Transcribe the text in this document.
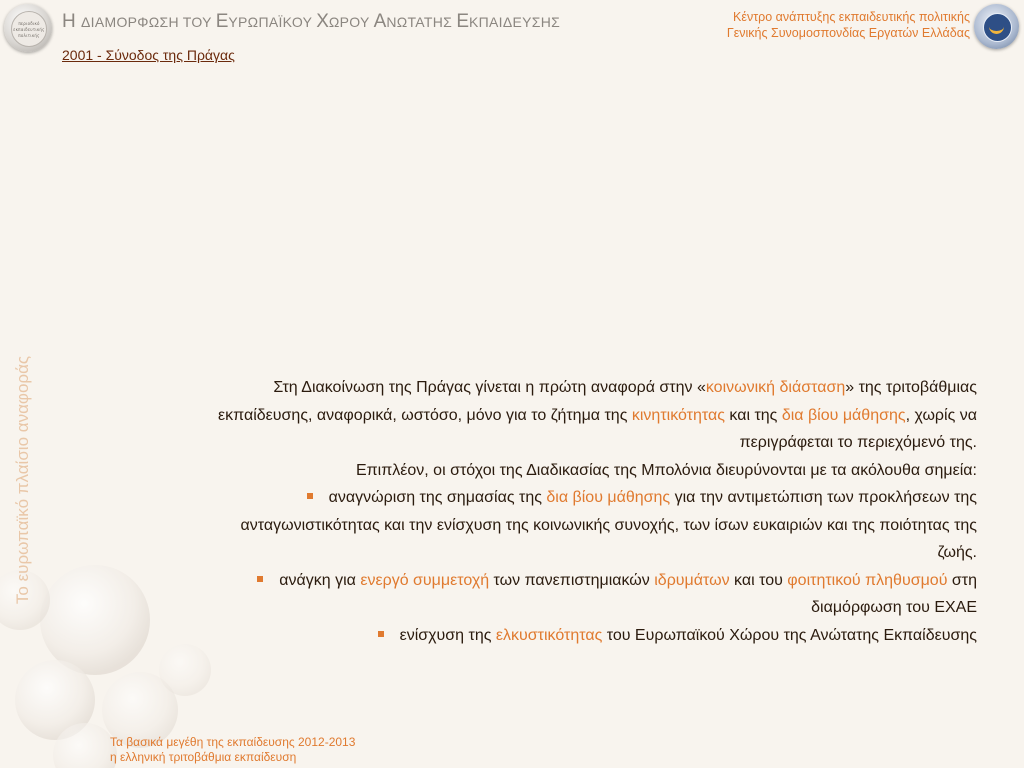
περιοδικό
εκπαιδευτικής
πολιτικής
Η ΔΙΑΜΟΡΦΩΣΗ ΤΟΥ ΕΥΡΩΠΑΪΚΟΥ ΧΩΡΟΥ ΑΝΩΤΑΤΗΣ ΕΚΠΑΙΔΕΥΣΗΣ
2001 - Σύνοδος της Πράγας
Κέντρο ανάπτυξης εκπαιδευτικής πολιτικής
Γενικής Συνομοσπονδίας Εργατών Ελλάδας
Το ευρωπαϊκό πλαίσιο αναφοράς
Τα βασικά μεγέθη της εκπαίδευσης 2012-2013
η ελληνική τριτοβάθμια εκπαίδευση

Στη Διακοίνωση της Πράγας γίνεται η πρώτη αναφορά στην «κοινωνική διάσταση» της τριτοβάθμιας εκπαίδευσης, αναφορικά, ωστόσο, μόνο για το ζήτημα της κινητικότητας και της δια βίου μάθησης, χωρίς να περιγράφεται το περιεχόμενό της.

Επιπλέον, οι στόχοι της Διαδικασίας της Μπολόνια διευρύνονται με τα ακόλουθα σημεία:

αναγνώριση της σημασίας της δια βίου μάθησης για την αντιμετώπιση των προκλήσεων της ανταγωνιστικότητας και την ενίσχυση της κοινωνικής συνοχής, των ίσων ευκαιριών και της ποιότητας της ζωής.

ανάγκη για ενεργό συμμετοχή των πανεπιστημιακών ιδρυμάτων και του φοιτητικού πληθυσμού στη διαμόρφωση του ΕΧΑΕ

ενίσχυση της ελκυστικότητας του Ευρωπαϊκού Χώρου της Ανώτατης Εκπαίδευσης
